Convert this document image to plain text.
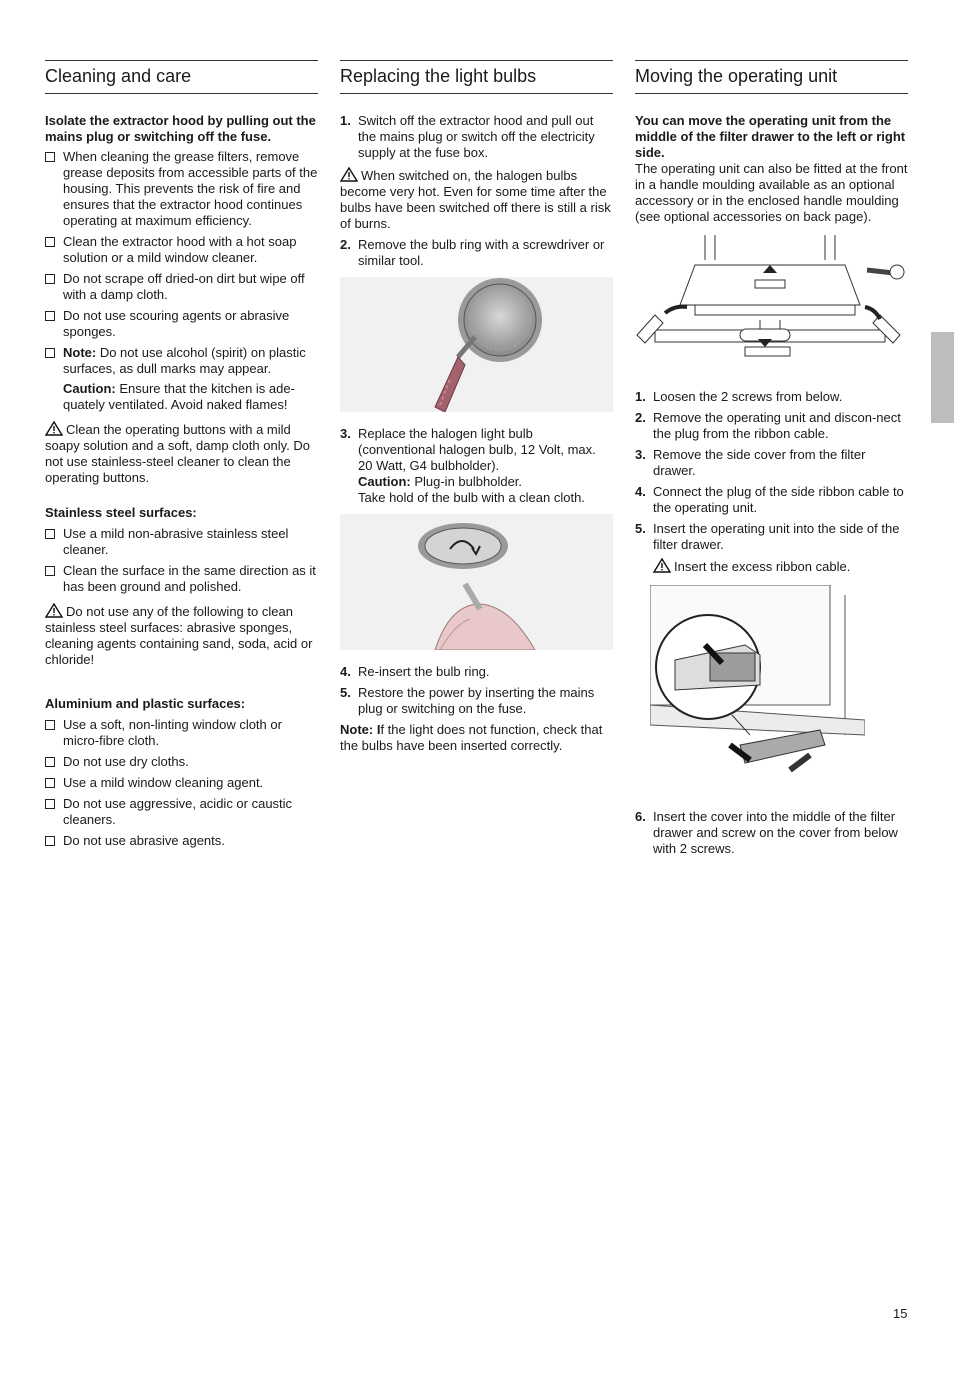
Cleaning and care

Isolate the extractor hood by pulling out the mains plug or switching off the fuse.

When cleaning the grease filters, remove grease deposits from accessible parts of the housing. This prevents the risk of fire and ensures that the extractor hood continues operating at maximum efficiency.
Clean the extractor hood with a hot soap solution or a mild window cleaner.
Do not scrape off dried-on dirt but wipe off with a damp cloth.
Do not use scouring agents or abrasive sponges.
Note: Do not use alcohol (spirit) on plastic surfaces, as dull marks may appear.
Caution: Ensure that the kitchen is ade-quately ventilated. Avoid naked flames!

Clean the operating buttons with a mild soapy solution and a soft, damp cloth only. Do not use stainless-steel cleaner to clean the operating buttons.

Stainless steel surfaces:
Use a mild non-abrasive stainless steel cleaner.
Clean the surface in the same direction as it has been ground and polished.

Do not use any of the following to clean stainless steel surfaces: abrasive sponges, cleaning agents containing sand, soda, acid or chloride!

Aluminium and plastic surfaces:
Use a soft, non-linting window cloth or micro-fibre cloth.
Do not use dry cloths.
Use a mild window cleaning agent.
Do not use aggressive, acidic or caustic cleaners.
Do not use abrasive agents.
Replacing the light bulbs
1. Switch off the extractor hood and pull out the mains plug or switch off the electricity supply at the fuse box.

When switched on, the halogen bulbs become very hot. Even for some time after the bulbs have been switched off there is still a risk of burns.

2. Remove the bulb ring with a screwdriver or similar tool.
3. Replace the halogen light bulb (conventional halogen bulb, 12 Volt, max. 20 Watt, G4 bulbholder).
Caution: Plug-in bulbholder.
Take hold of the bulb with a clean cloth.
4. Re-insert the bulb ring.
5. Restore the power by inserting the mains plug or switching on the fuse.

Note: If the light does not function, check that the bulbs have been inserted correctly.

Moving the operating unit

You can move the operating unit from the middle of the filter drawer to the left or right side.

The operating unit can also be fitted at the front in a handle moulding available as an optional accessory or in the enclosed handle moulding (see optional accessories on back page).

1. Loosen the 2 screws from below.
2. Remove the operating unit and discon-nect the plug from the ribbon cable.
3. Remove the side cover from the filter drawer.
4. Connect the plug of the side ribbon cable to the operating unit.
5. Insert the operating unit into the side of the filter drawer.
Insert the excess ribbon cable.
6. Insert the cover into the middle of the filter drawer and screw on the cover from below with 2 screws.
15
